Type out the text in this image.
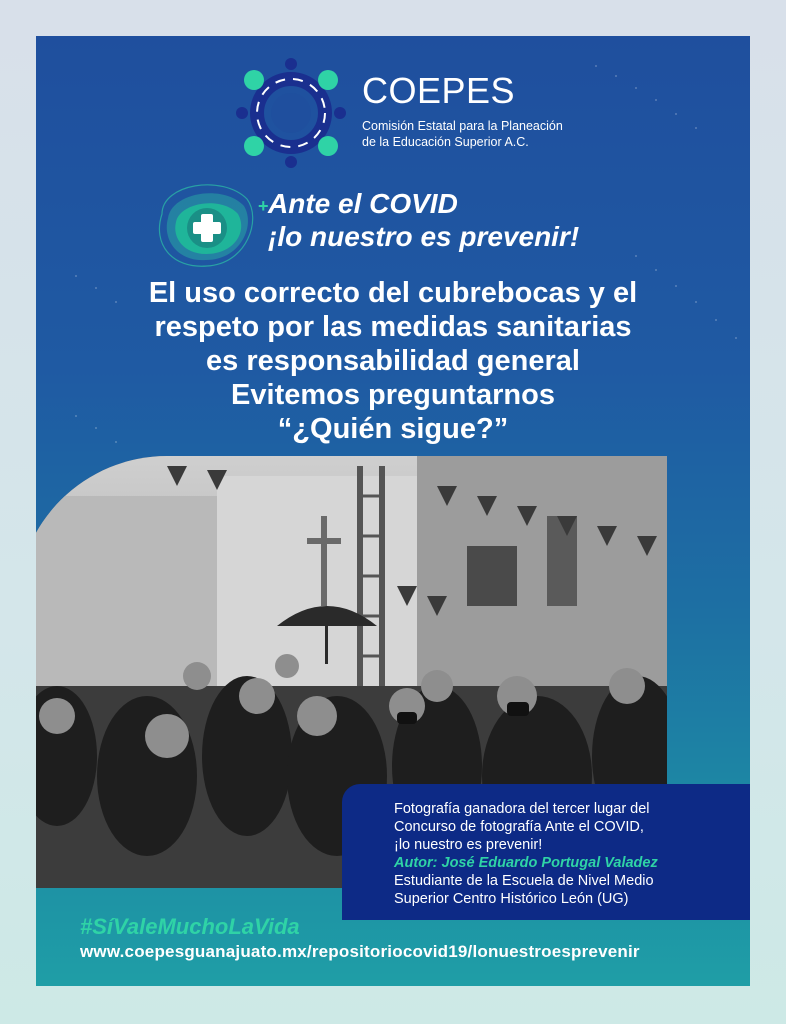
COEPES
Comisión Estatal para la Planeación
de la Educación Superior A.C.
+ Ante el COVID
¡lo nuestro es prevenir!
El uso correcto del cubrebocas y el
respeto por las medidas sanitarias
es responsabilidad general
Evitemos preguntarnos
“¿Quién sigue?”
Fotografía ganadora del tercer lugar del
Concurso de fotografía Ante el COVID,
¡lo nuestro es prevenir!
Autor: José Eduardo Portugal Valadez
Estudiante de la Escuela de Nivel Medio
Superior Centro Histórico León (UG)
#SíValeMuchoLaVida
www.coepesguanajuato.mx/repositoriocovid19/lonuestroesprevenir
